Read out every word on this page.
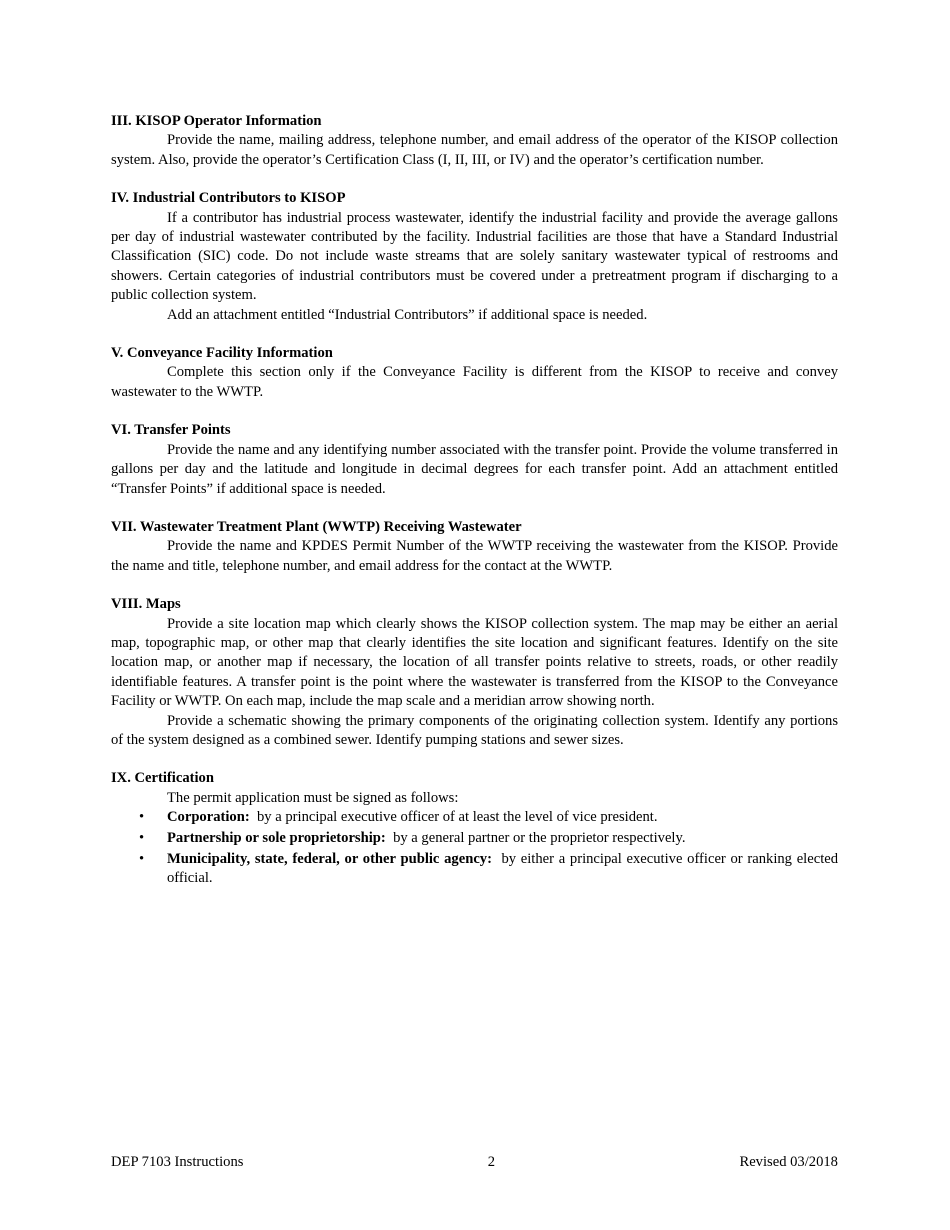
III. KISOP Operator Information

Provide the name, mailing address, telephone number, and email address of the operator of the KISOP collection system. Also, provide the operator’s Certification Class (I, II, III, or IV) and the operator’s certification number.

IV. Industrial Contributors to KISOP

If a contributor has industrial process wastewater, identify the industrial facility and provide the average gallons per day of industrial wastewater contributed by the facility. Industrial facilities are those that have a Standard Industrial Classification (SIC) code. Do not include waste streams that are solely sanitary wastewater typical of restrooms and showers. Certain categories of industrial contributors must be covered under a pretreatment program if discharging to a public collection system.

Add an attachment entitled “Industrial Contributors” if additional space is needed.

V. Conveyance Facility Information

Complete this section only if the Conveyance Facility is different from the KISOP to receive and convey wastewater to the WWTP.

VI. Transfer Points

Provide the name and any identifying number associated with the transfer point. Provide the volume transferred in gallons per day and the latitude and longitude in decimal degrees for each transfer point. Add an attachment entitled “Transfer Points” if additional space is needed.

VII. Wastewater Treatment Plant (WWTP) Receiving Wastewater

Provide the name and KPDES Permit Number of the WWTP receiving the wastewater from the KISOP. Provide the name and title, telephone number, and email address for the contact at the WWTP.

VIII. Maps

Provide a site location map which clearly shows the KISOP collection system. The map may be either an aerial map, topographic map, or other map that clearly identifies the site location and significant features. Identify on the site location map, or another map if necessary, the location of all transfer points relative to streets, roads, or other readily identifiable features. A transfer point is the point where the wastewater is transferred from the KISOP to the Conveyance Facility or WWTP. On each map, include the map scale and a meridian arrow showing north.

Provide a schematic showing the primary components of the originating collection system. Identify any portions of the system designed as a combined sewer. Identify pumping stations and sewer sizes.

IX. Certification

The permit application must be signed as follows:

• Corporation: by a principal executive officer of at least the level of vice president.
• Partnership or sole proprietorship: by a general partner or the proprietor respectively.
• Municipality, state, federal, or other public agency: by either a principal executive officer or ranking elected official.
DEP 7103 Instructions	2	Revised 03/2018
